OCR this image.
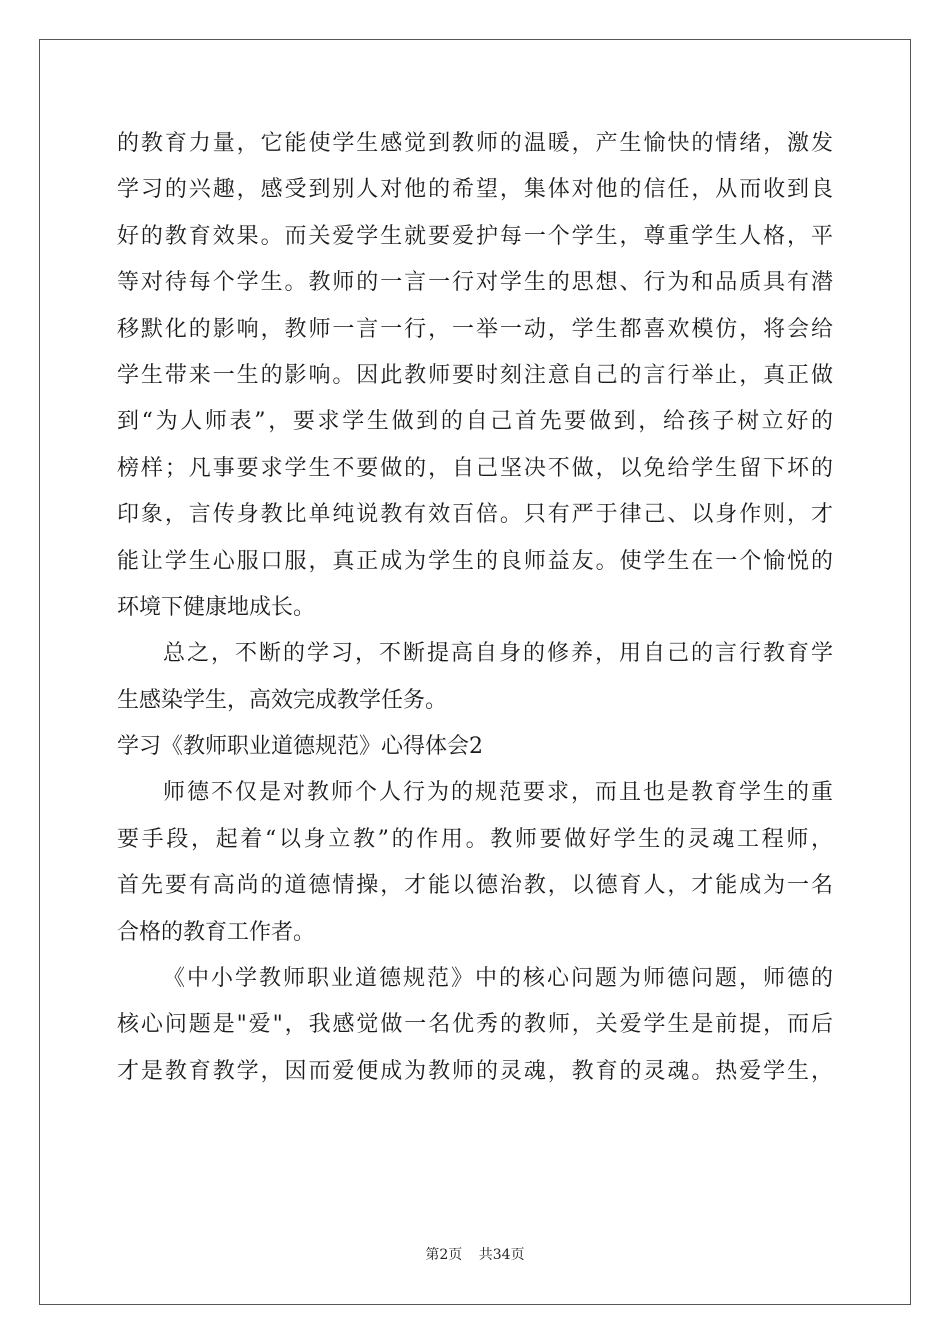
的教育力量，它能使学生感觉到教师的温暖，产生愉快的情绪，激发
学习的兴趣，感受到别人对他的希望，集体对他的信任，从而收到良
好的教育效果。而关爱学生就要爱护每一个学生，尊重学生人格，平
等对待每个学生。教师的一言一行对学生的思想、行为和品质具有潜
移默化的影响，教师一言一行，一举一动，学生都喜欢模仿，将会给
学生带来一生的影响。因此教师要时刻注意自己的言行举止，真正做
到“为人师表”，要求学生做到的自己首先要做到，给孩子树立好的
榜样；凡事要求学生不要做的，自己坚决不做，以免给学生留下坏的
印象，言传身教比单纯说教有效百倍。只有严于律己、以身作则，才
能让学生心服口服，真正成为学生的良师益友。使学生在一个愉悦的
环境下健康地成长。
总之，不断的学习，不断提高自身的修养，用自己的言行教育学
生感染学生，高效完成教学任务。
学习《教师职业道德规范》心得体会2
师德不仅是对教师个人行为的规范要求，而且也是教育学生的重
要手段，起着“以身立教”的作用。教师要做好学生的灵魂工程师，
首先要有高尚的道德情操，才能以德治教，以德育人，才能成为一名
合格的教育工作者。
《中小学教师职业道德规范》中的核心问题为师德问题，师德的
核心问题是"爱"，我感觉做一名优秀的教师，关爱学生是前提，而后
才是教育教学，因而爱便成为教师的灵魂，教育的灵魂。热爱学生，
第2页 共34页
